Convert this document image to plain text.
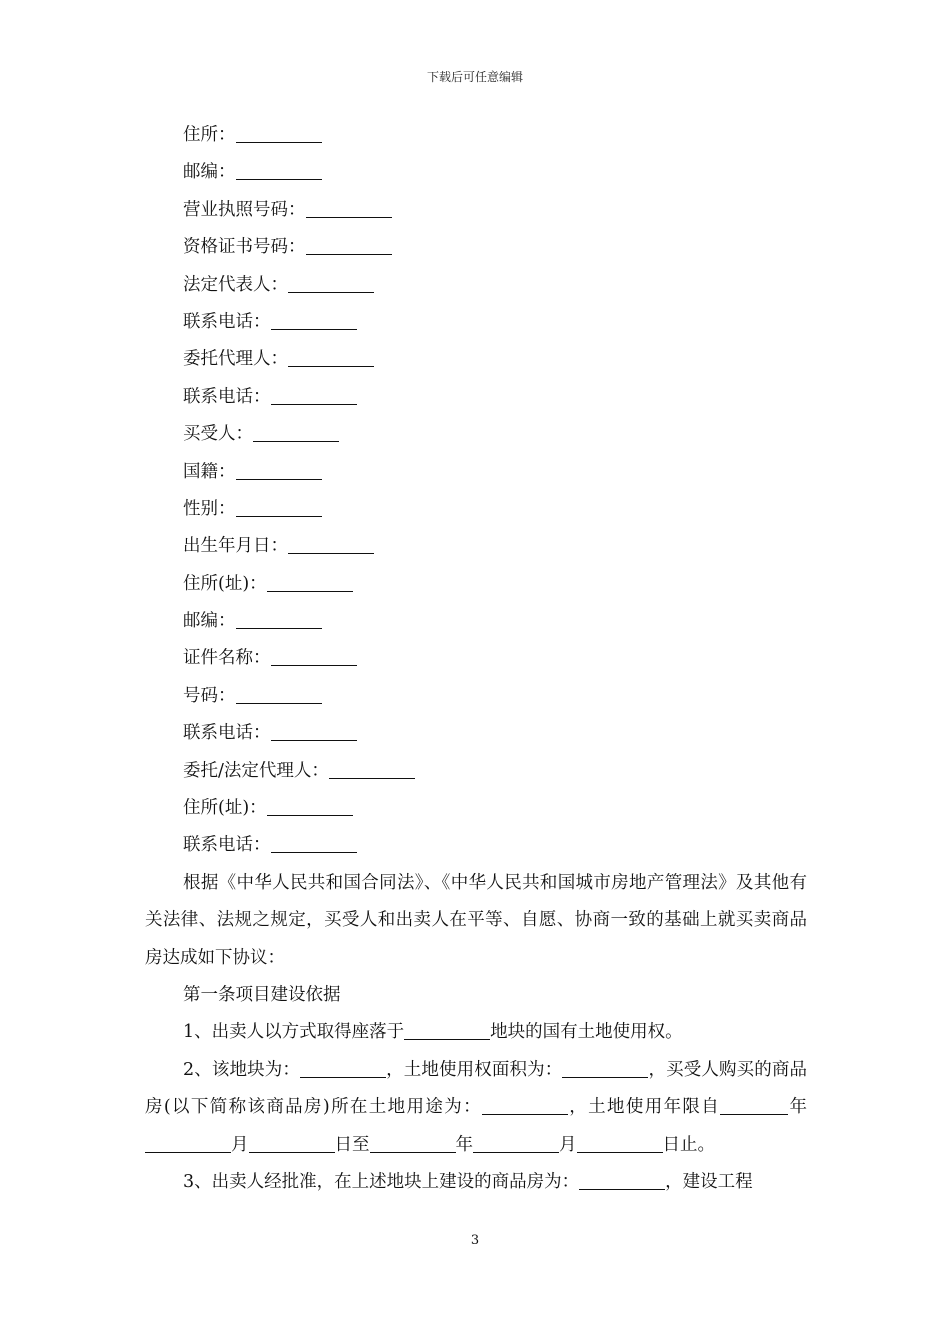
下载后可任意编辑
住所：
邮编：
营业执照号码：
资格证书号码：
法定代表人：
联系电话：
委托代理人：
联系电话：
买受人：
国籍：
性别：
出生年月日：
住所(址)：
邮编：
证件名称：
号码：
联系电话：
委托/法定代理人：
住所(址)：
联系电话：

根据《中华人民共和国合同法》、《中华人民共和国城市房地产管理法》及其他有关法律、法规之规定，买受人和出卖人在平等、自愿、协商一致的基础上就买卖商品房达成如下协议：

第一条项目建设依据

1、出卖人以方式取得座落于	地块的国有土地使用权。

2、该地块为：	，土地使用权面积为：	，买受人购买的商品房(以下简称该商品房)所在土地用途为：	，土地使用年限自	年月	日至	年	月	日止。

3、出卖人经批准，在上述地块上建设的商品房为：	，建设工程

3
